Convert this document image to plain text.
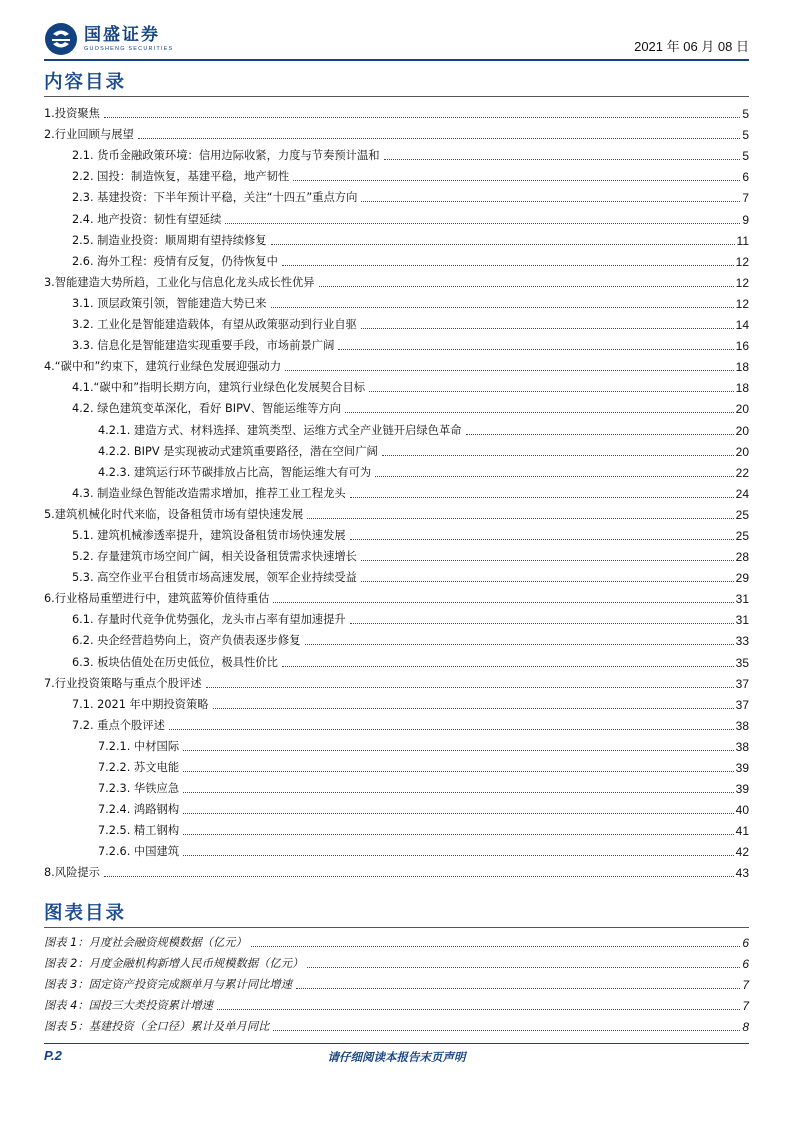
国盛证券
GUOSHENG SECURITIES	2021 年 06 月 08 日
内容目录
1.投资聚焦	5
2.行业回顾与展望	5
2.1. 货币金融政策环境：信用边际收紧，力度与节奏预计温和	5
2.2. 国投：制造恢复，基建平稳，地产韧性	6
2.3. 基建投资：下半年预计平稳，关注“十四五”重点方向	7
2.4. 地产投资：韧性有望延续	9
2.5. 制造业投资：顺周期有望持续修复	11
2.6. 海外工程：疫情有反复，仍待恢复中	12
3.智能建造大势所趋，工业化与信息化龙头成长性优异	12
3.1. 顶层政策引领，智能建造大势已来	12
3.2. 工业化是智能建造载体，有望从政策驱动到行业自驱	14
3.3. 信息化是智能建造实现重要手段，市场前景广阔	16
4.“碳中和”约束下，建筑行业绿色发展迎强动力	18
4.1.“碳中和”指明长期方向，建筑行业绿色化发展契合目标	18
4.2. 绿色建筑变革深化，看好 BIPV、智能运维等方向	20
4.2.1. 建造方式、材料选择、建筑类型、运维方式全产业链开启绿色革命	20
4.2.2. BIPV 是实现被动式建筑重要路径，潜在空间广阔	20
4.2.3. 建筑运行环节碳排放占比高，智能运维大有可为	22
4.3. 制造业绿色智能改造需求增加，推荐工业工程龙头	24
5.建筑机械化时代来临，设备租赁市场有望快速发展	25
5.1. 建筑机械渗透率提升，建筑设备租赁市场快速发展	25
5.2. 存量建筑市场空间广阔，相关设备租赁需求快速增长	28
5.3. 高空作业平台租赁市场高速发展，领军企业持续受益	29
6.行业格局重塑进行中，建筑蓝筹价值待重估	31
6.1. 存量时代竞争优势强化，龙头市占率有望加速提升	31
6.2. 央企经营趋势向上，资产负债表逐步修复	33
6.3. 板块估值处在历史低位，极具性价比	35
7.行业投资策略与重点个股评述	37
7.1. 2021 年中期投资策略	37
7.2. 重点个股评述	38
7.2.1. 中材国际	38
7.2.2. 苏文电能	39
7.2.3. 华铁应急	39
7.2.4. 鸿路钢构	40
7.2.5. 精工钢构	41
7.2.6. 中国建筑	42
8.风险提示	43
图表目录
图表 1：月度社会融资规模数据（亿元）	6
图表 2：月度金融机构新增人民币规模数据（亿元）	6
图表 3：固定资产投资完成额单月与累计同比增速	7
图表 4：国投三大类投资累计增速	7
图表 5：基建投资（全口径）累计及单月同比	8
P.2	请仔细阅读本报告末页声明
